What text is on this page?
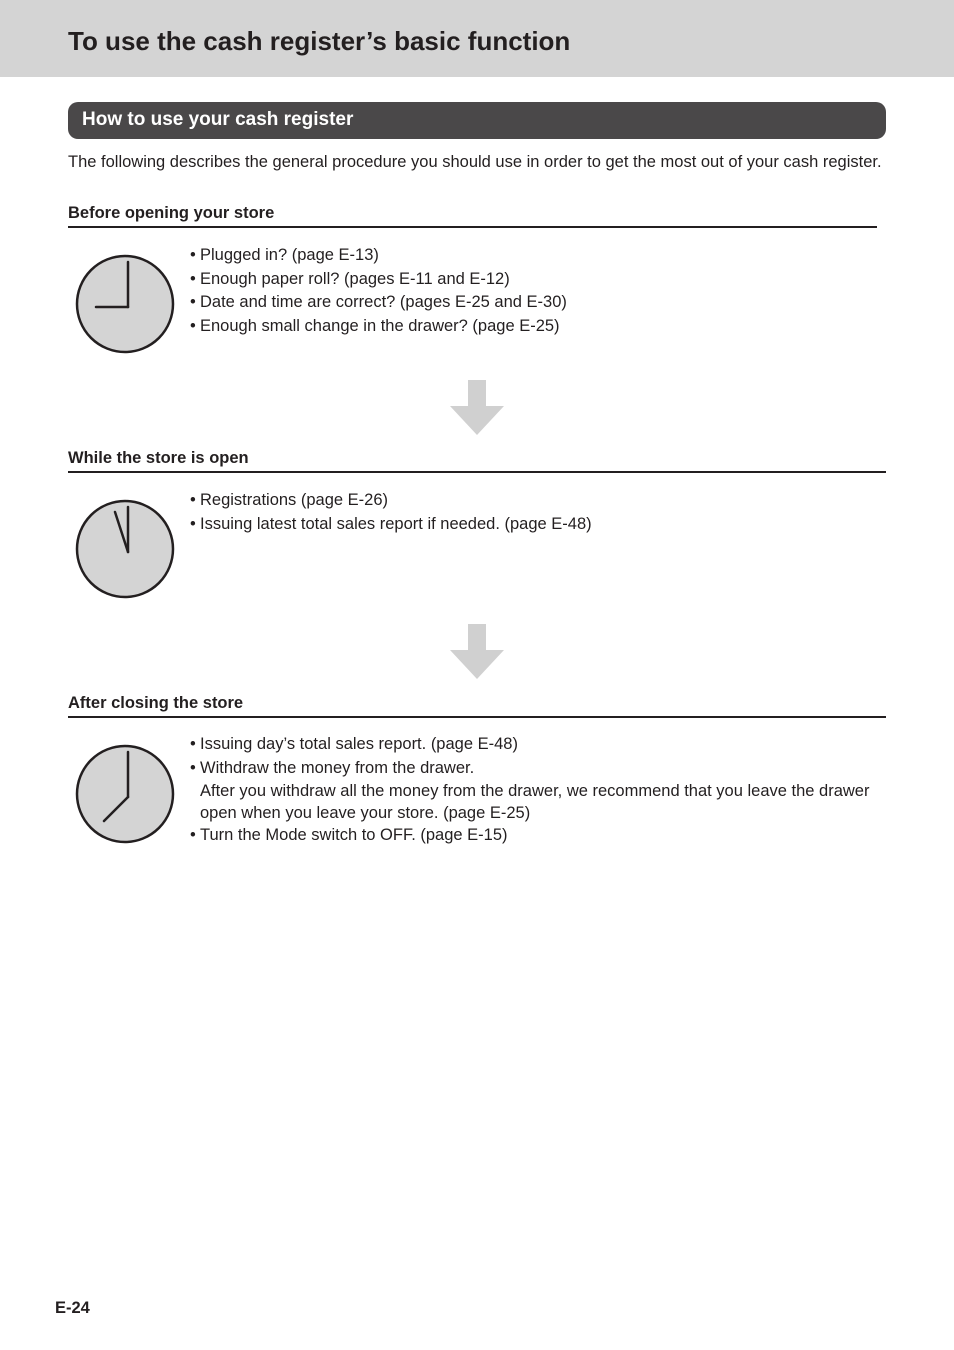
To use the cash register’s basic function
How to use your cash register

The following describes the general procedure you should use in order to get the most out of your cash register.

Before opening your store
• Plugged in? (page E-13)
• Enough paper roll? (pages E-11 and E-12)
• Date and time are correct? (pages E-25 and E-30)
• Enough small change in the drawer? (page E-25)
While the store is open
• Registrations (page E-26)
• Issuing latest total sales report if needed. (page E-48)
After closing the store
• Issuing day’s total sales report. (page E-48)
• Withdraw the money from the drawer.
After you withdraw all the money from the drawer, we recommend that you leave the drawer open when you leave your store. (page E-25)
• Turn the Mode switch to OFF. (page E-15)

E-24
